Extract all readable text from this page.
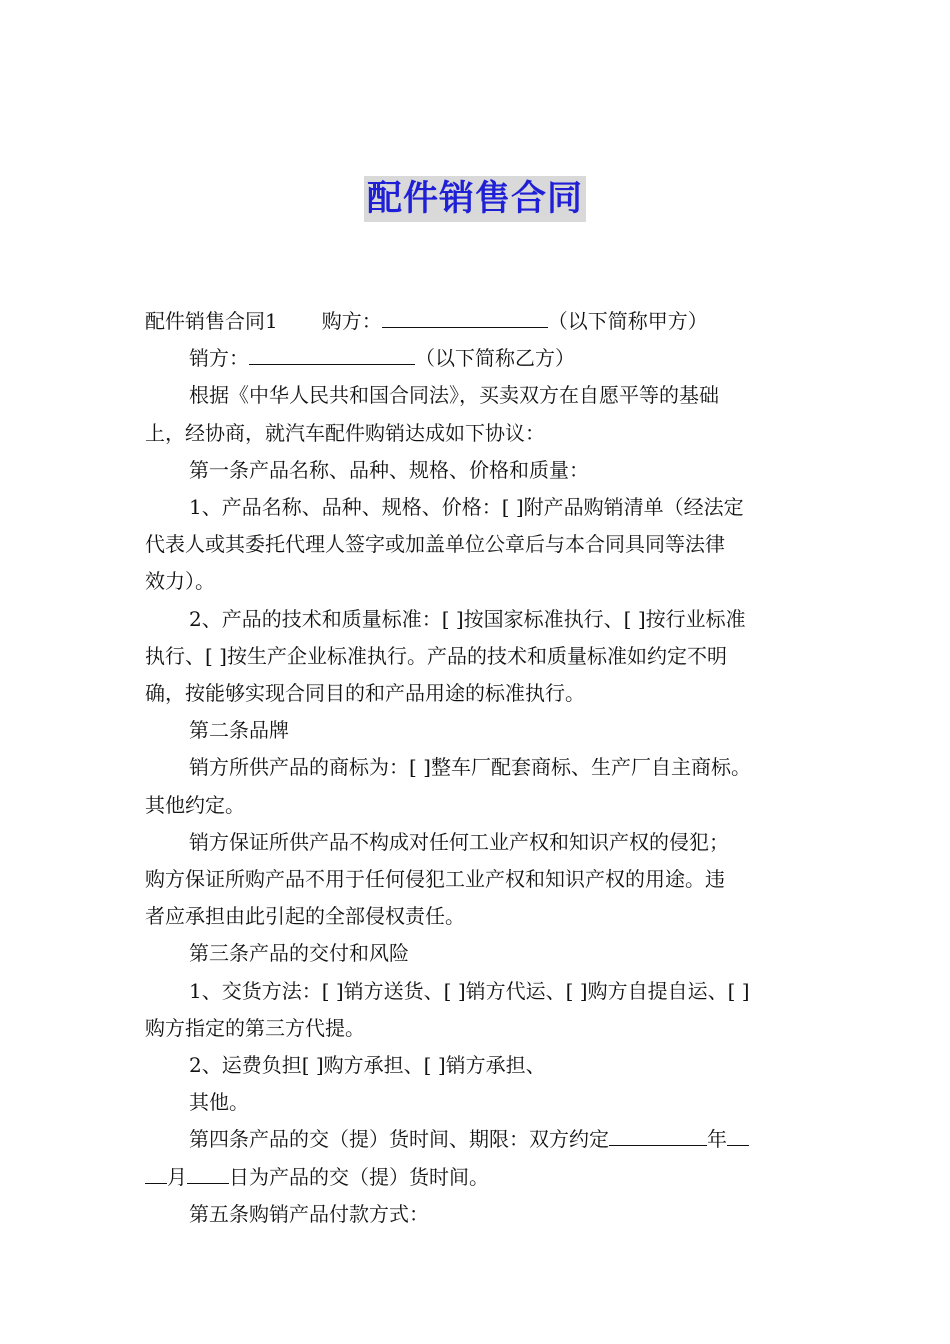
配件销售合同
配件销售合同1 购方：	（以下简称甲方）
销方：	（以下简称乙方）
根据《中华人民共和国合同法》，买卖双方在自愿平等的基础
上，经协商，就汽车配件购销达成如下协议：
第一条产品名称、品种、规格、价格和质量：
1、产品名称、品种、规格、价格：[ ]附产品购销清单（经法定
代表人或其委托代理人签字或加盖单位公章后与本合同具同等法律
效力）。
2、产品的技术和质量标准：[ ]按国家标准执行、[ ]按行业标准
执行、[ ]按生产企业标准执行。产品的技术和质量标准如约定不明
确，按能够实现合同目的和产品用途的标准执行。
第二条品牌
销方所供产品的商标为：[ ]整车厂配套商标、生产厂自主商标。
其他约定。
销方保证所供产品不构成对任何工业产权和知识产权的侵犯；
购方保证所购产品不用于任何侵犯工业产权和知识产权的用途。违
者应承担由此引起的全部侵权责任。
第三条产品的交付和风险
1、交货方法：[ ]销方送货、[ ]销方代运、[ ]购方自提自运、[ ]
购方指定的第三方代提。
2、运费负担[ ]购方承担、[ ]销方承担、
其他。
第四条产品的交（提）货时间、期限：双方约定	年
月 日为产品的交（提）货时间。
第五条购销产品付款方式：
